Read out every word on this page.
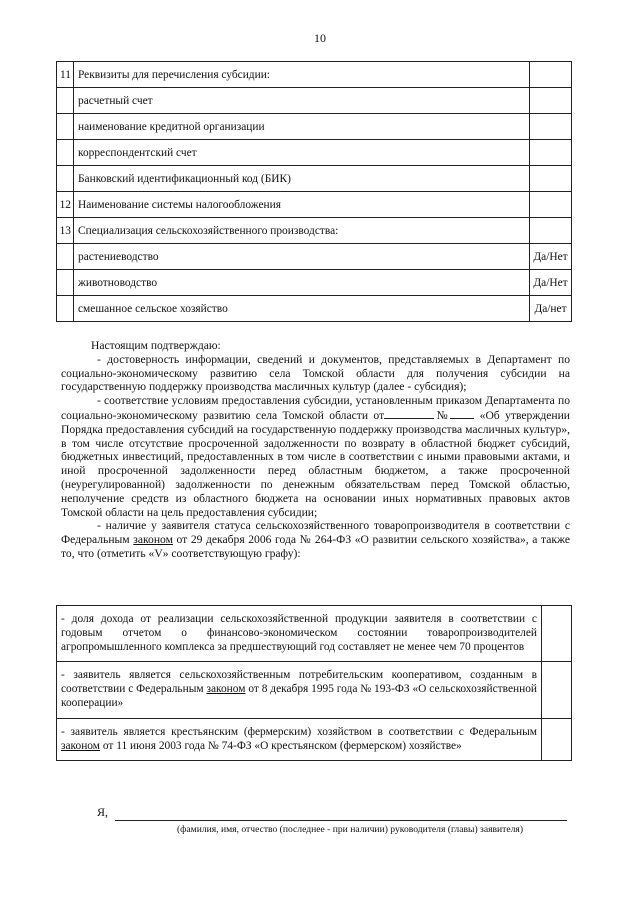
10
11	Реквизиты для перечисления субсидии:	
	расчетный счет	
	наименование кредитной организации	
	корреспондентский счет	
	Банковский идентификационный код (БИК)	
12	Наименование системы налогообложения	
13	Специализация сельскохозяйственного производства:	
	растениеводство	Да/Нет
	животноводство	Да/Нет
	смешанное сельское хозяйство	Да/нет

Настоящим подтверждаю:

- достоверность информации, сведений и документов, представляемых в Департамент по социально-экономическому развитию села Томской области для получения субсидии на государственную поддержку производства масличных культур (далее - субсидия);

- соответствие условиям предоставления субсидии, установленным приказом Департамента по социально-экономическому развитию села Томской области от	№	«Об утверждении Порядка предоставления субсидий на государственную поддержку производства масличных культур», в том числе отсутствие просроченной задолженности по возврату в областной бюджет субсидий, бюджетных инвестиций, предоставленных в том числе в соответствии с иными правовыми актами, и иной просроченной задолженности перед областным бюджетом, а также просроченной (неурегулированной) задолженности по денежным обязательствам перед Томской областью, неполучение средств из областного бюджета на основании иных нормативных правовых актов Томской области на цель предоставления субсидии;

- наличие у заявителя статуса сельскохозяйственного товаропроизводителя в соответствии с Федеральным законом от 29 декабря 2006 года № 264-ФЗ «О развитии сельского хозяйства», а также то, что (отметить «V» соответствующую графу):

- доля дохода от реализации сельскохозяйственной продукции заявителя в соответствии с годовым отчетом о финансово-экономическом состоянии товаропроизводителей агропромышленного комплекса за предшествующий год составляет не менее чем 70 процентов	
- заявитель является сельскохозяйственным потребительским кооперативом, созданным в соответствии с Федеральным законом от 8 декабря 1995 года № 193-ФЗ «О сельскохозяйственной кооперации»	
- заявитель является крестьянским (фермерским) хозяйством в соответствии с Федеральным законом от 11 июня 2003 года № 74-ФЗ «О крестьянском (фермерском) хозяйстве»	
Я,
(фамилия, имя, отчество (последнее - при наличии) руководителя (главы) заявителя)
